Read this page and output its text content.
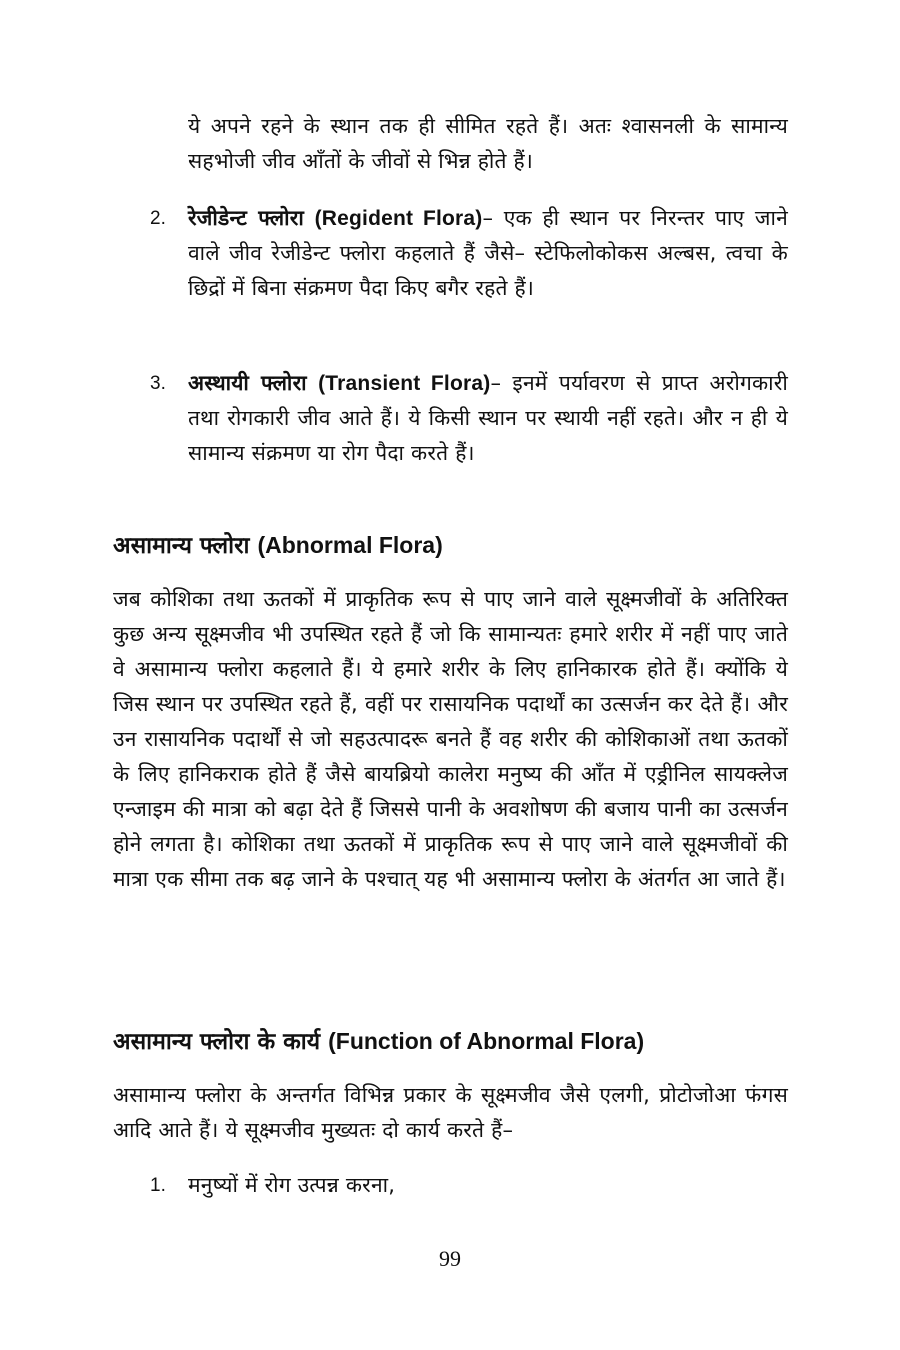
ये अपने रहने के स्थान तक ही सीमित रहते हैं। अतः श्वासनली के सामान्य सहभोजी जीव आँतों के जीवों से भिन्न होते हैं।
2. रेजीडेन्ट फ्लोरा (Regident Flora)– एक ही स्थान पर निरन्तर पाए जाने वाले जीव रेजीडेन्ट फ्लोरा कहलाते हैं जैसे– स्टेफिलोकोकस अल्बस, त्वचा के छिद्रों में बिना संक्रमण पैदा किए बगैर रहते हैं।
3. अस्थायी फ्लोरा (Transient Flora)– इनमें पर्यावरण से प्राप्त अरोगकारी तथा रोगकारी जीव आते हैं। ये किसी स्थान पर स्थायी नहीं रहते। और न ही ये सामान्य संक्रमण या रोग पैदा करते हैं।
असामान्य फ्लोरा (Abnormal Flora)
जब कोशिका तथा ऊतकों में प्राकृतिक रूप से पाए जाने वाले सूक्ष्मजीवों के अतिरिक्त कुछ अन्य सूक्ष्मजीव भी उपस्थित रहते हैं जो कि सामान्यतः हमारे शरीर में नहीं पाए जाते वे असामान्य फ्लोरा कहलाते हैं। ये हमारे शरीर के लिए हानिकारक होते हैं। क्योंकि ये जिस स्थान पर उपस्थित रहते हैं, वहीं पर रासायनिक पदार्थों का उत्सर्जन कर देते हैं। और उन रासायनिक पदार्थों से जो सहउत्पादरू बनते हैं वह शरीर की कोशिकाओं तथा ऊतकों के लिए हानिकराक होते हैं जैसे बायब्रियो कालेरा मनुष्य की आँत में एड्रीनिल सायक्लेज एन्जाइम की मात्रा को बढ़ा देते हैं जिससे पानी के अवशोषण की बजाय पानी का उत्सर्जन होने लगता है। कोशिका तथा ऊतकों में प्राकृतिक रूप से पाए जाने वाले सूक्ष्मजीवों की मात्रा एक सीमा तक बढ़ जाने के पश्चात् यह भी असामान्य फ्लोरा के अंतर्गत आ जाते हैं।
असामान्य फ्लोरा के कार्य (Function of Abnormal Flora)
असामान्य फ्लोरा के अन्तर्गत विभिन्न प्रकार के सूक्ष्मजीव जैसे एलगी, प्रोटोजोआ फंगस आदि आते हैं। ये सूक्ष्मजीव मुख्यतः दो कार्य करते हैं–
1. मनुष्यों में रोग उत्पन्न करना,
99
